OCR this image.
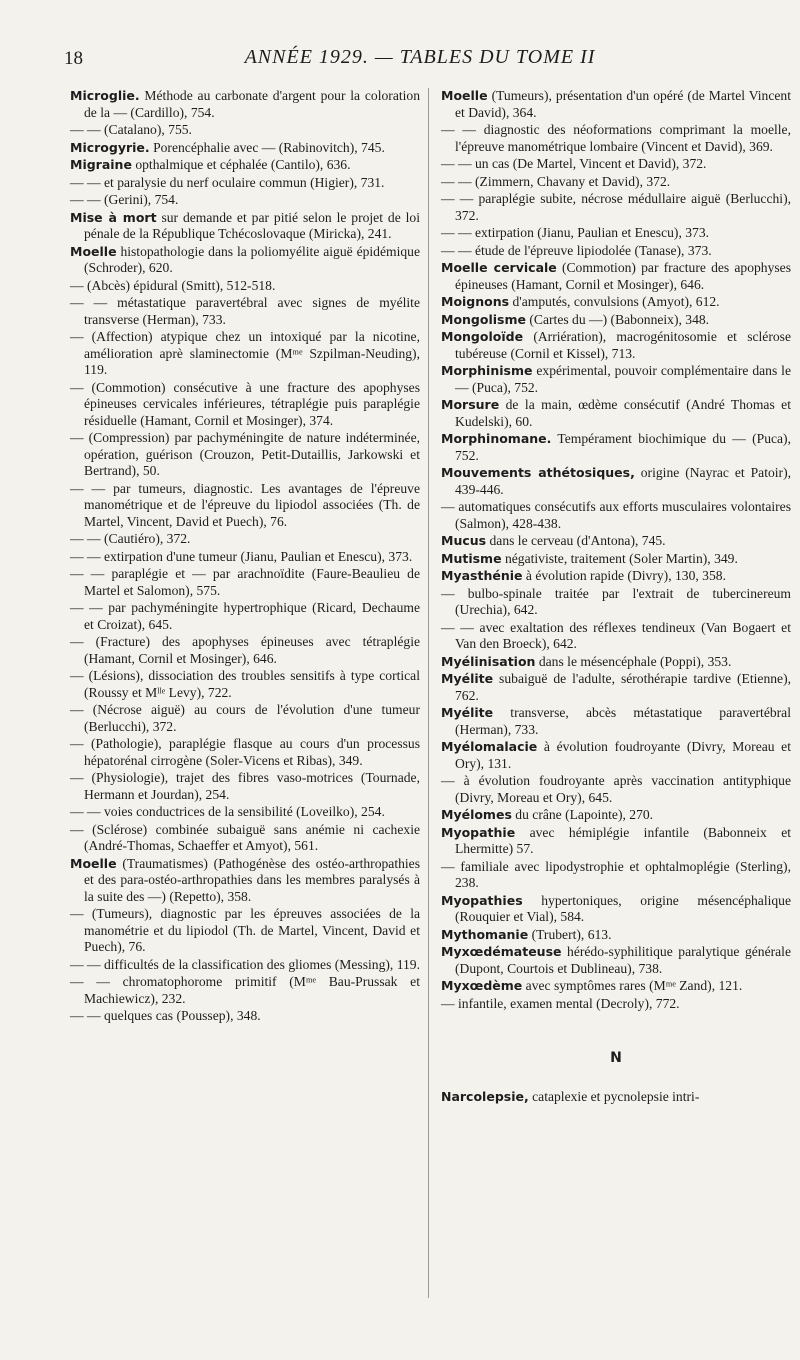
18	ANNÉE 1929. — TABLES DU TOME II
Microglie. Méthode au carbonate d'argent pour la coloration de la — (Cardillo), 754.
— — (Catalano), 755.
Microgyrie. Porencéphalie avec — (Rabinovitch), 745.
Migraine opthalmique et céphalée (Cantilo), 636.
— — et paralysie du nerf oculaire commun (Higier), 731.
— — (Gerini), 754.
Mise à mort sur demande et par pitié selon le projet de loi pénale de la République Tchécoslovaque (Miricka), 241.
Moelle histopathologie dans la poliomyélite aiguë épidémique (Schroder), 620.
— (Abcès) épidural (Smitt), 512-518.
— — métastatique paravertébral avec signes de myélite transverse (Herman), 733.
— (Affection) atypique chez un intoxiqué par la nicotine, amélioration aprè slaminectomie (Mᵐᵉ Szpilman-Neuding), 119.
— (Commotion) consécutive à une fracture des apophyses épineuses cervicales inférieures, tétraplégie puis paraplégie résiduelle (Hamant, Cornil et Mosinger), 374.
— (Compression) par pachyméningite de nature indéterminée, opération, guérison (Crouzon, Petit-Dutaillis, Jarkowski et Bertrand), 50.
— — par tumeurs, diagnostic. Les avantages de l'épreuve manométrique et de l'épreuve du lipiodol associées (Th. de Martel, Vincent, David et Puech), 76.
— — (Cautiéro), 372.
— — extirpation d'une tumeur (Jianu, Paulian et Enescu), 373.
— — paraplégie et — par arachnoïdite (Faure-Beaulieu de Martel et Salomon), 575.
— — par pachyméningite hypertrophique (Ricard, Dechaume et Croizat), 645.
— (Fracture) des apophyses épineuses avec tétraplégie (Hamant, Cornil et Mosinger), 646.
— (Lésions), dissociation des troubles sensitifs à type cortical (Roussy et Mˡˡᵉ Levy), 722.
— (Nécrose aiguë) au cours de l'évolution d'une tumeur (Berlucchi), 372.
— (Pathologie), paraplégie flasque au cours d'un processus hépatorénal cirrogène (Soler-Vicens et Ribas), 349.
— (Physiologie), trajet des fibres vaso-motrices (Tournade, Hermann et Jourdan), 254.
— — voies conductrices de la sensibilité (Loveilko), 254.
— (Sclérose) combinée subaiguë sans anémie ni cachexie (André-Thomas, Schaeffer et Amyot), 561.
Moelle (Traumatismes) (Pathogénèse des ostéo-arthropathies et des para-ostéo-arthropathies dans les membres paralysés à la suite des —) (Repetto), 358.
— (Tumeurs), diagnostic par les épreuves associées de la manométrie et du lipiodol (Th. de Martel, Vincent, David et Puech), 76.
— — difficultés de la classification des gliomes (Messing), 119.
— — chromatophorome primitif (Mᵐᵉ Bau-Prussak et Machiewicz), 232.
— — quelques cas (Poussep), 348.
Moelle (Tumeurs), présentation d'un opéré (de Martel Vincent et David), 364.
— — diagnostic des néoformations comprimant la moelle, l'épreuve manométrique lombaire (Vincent et David), 369.
— — un cas (De Martel, Vincent et David), 372.
— — (Zimmern, Chavany et David), 372.
— — paraplégie subite, nécrose médullaire aiguë (Berlucchi), 372.
— — extirpation (Jianu, Paulian et Enescu), 373.
— — étude de l'épreuve lipiodolée (Tanase), 373.
Moelle cervicale (Commotion) par fracture des apophyses épineuses (Hamant, Cornil et Mosinger), 646.
Moignons d'amputés, convulsions (Amyot), 612.
Mongolisme (Cartes du —) (Babonneix), 348.
Mongoloïde (Arriération), macrogénitosomie et sclérose tubéreuse (Cornil et Kissel), 713.
Morphinisme expérimental, pouvoir complémentaire dans le — (Puca), 752.
Morsure de la main, œdème consécutif (André Thomas et Kudelski), 60.
Morphinomane. Tempérament biochimique du — (Puca), 752.
Mouvements athétosiques, origine (Nayrac et Patoir), 439-446.
— automatiques consécutifs aux efforts musculaires volontaires (Salmon), 428-438.
Mucus dans le cerveau (d'Antona), 745.
Mutisme négativiste, traitement (Soler Martin), 349.
Myasthénie à évolution rapide (Divry), 130, 358.
— bulbo-spinale traitée par l'extrait de tubercinereum (Urechia), 642.
— — avec exaltation des réflexes tendineux (Van Bogaert et Van den Broeck), 642.
Myélinisation dans le mésencéphale (Poppi), 353.
Myélite subaiguë de l'adulte, sérothérapie tardive (Etienne), 762.
Myélite transverse, abcès métastatique paravertébral (Herman), 733.
Myélomalacie à évolution foudroyante (Divry, Moreau et Ory), 131.
— à évolution foudroyante après vaccination antityphique (Divry, Moreau et Ory), 645.
Myélomes du crâne (Lapointe), 270.
Myopathie avec hémiplégie infantile (Babonneix et Lhermitte) 57.
— familiale avec lipodystrophie et ophtalmoplégie (Sterling), 238.
Myopathies hypertoniques, origine mésencéphalique (Rouquier et Vial), 584.
Mythomanie (Trubert), 613.
Myxœdémateuse hérédo-syphilitique paralytique générale (Dupont, Courtois et Dublineau), 738.
Myxœdème avec symptômes rares (Mᵐᵉ Zand), 121.
— infantile, examen mental (Decroly), 772.
N
Narcolepsie, cataplexie et pycnolepsie intri-
